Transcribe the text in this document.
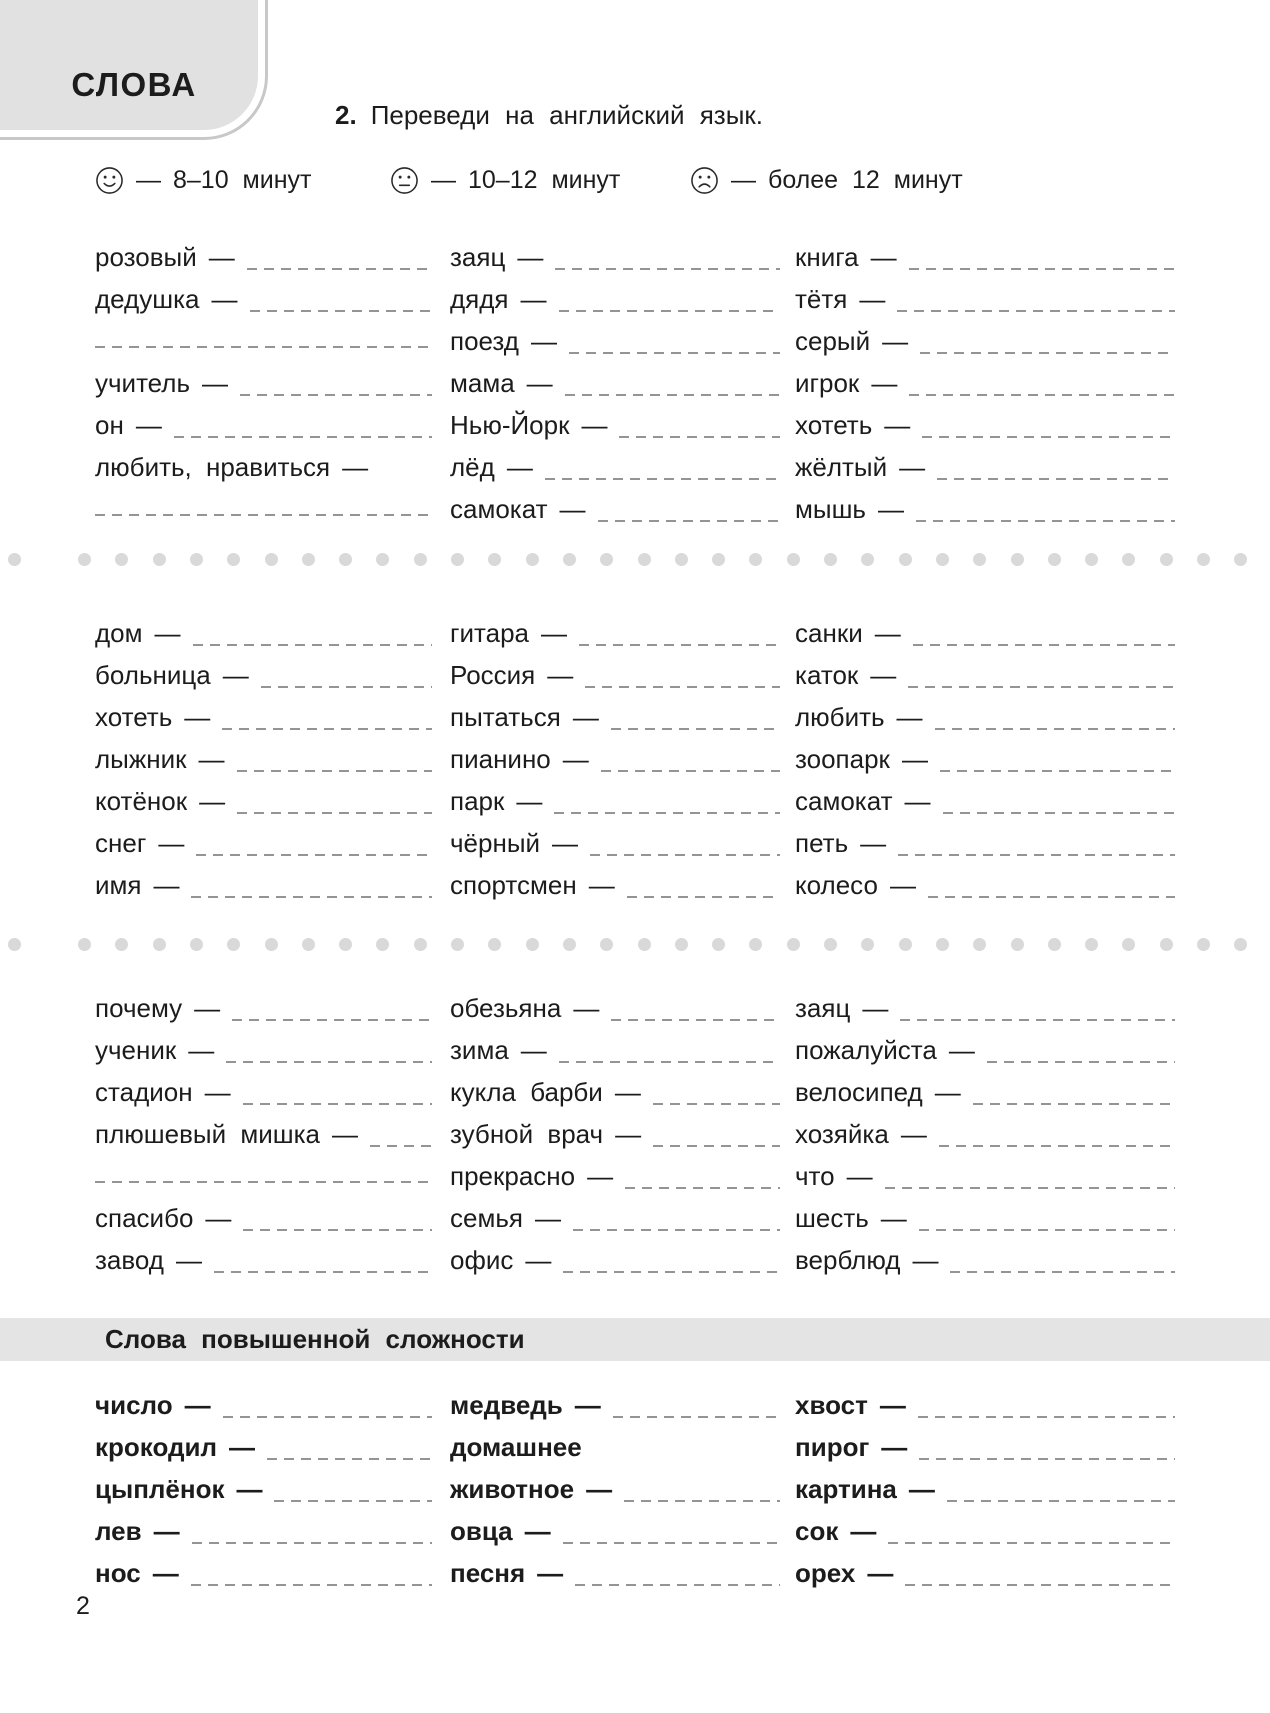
СЛОВА
2. Переведи на английский язык.
— 8–10 минут	— 10–12 минут	— более 12 минут
розовый —
дедушка —
учитель —
он —
любить, нравиться —
заяц —
дядя —
поезд —
мама —
Нью-Йорк —
лёд —
самокат —
книга —
тётя —
серый —
игрок —
хотеть —
жёлтый —
мышь —
дом —
больница —
хотеть —
лыжник —
котёнок —
снег —
имя —
гитара —
Россия —
пытаться —
пианино —
парк —
чёрный —
спортсмен —
санки —
каток —
любить —
зоопарк —
самокат —
петь —
колесо —
почему —
ученик —
стадион —
плюшевый мишка —
спасибо —
завод —
обезьяна —
зима —
кукла барби —
зубной врач —
прекрасно —
семья —
офис —
заяц —
пожалуйста —
велосипед —
хозяйка —
что —
шесть —
верблюд —
Слова повышенной сложности
число —
крокодил —
цыплёнок —
лев —
нос —
медведь —
домашнее
животное —
овца —
песня —
хвост —
пирог —
картина —
сок —
орех —
2
